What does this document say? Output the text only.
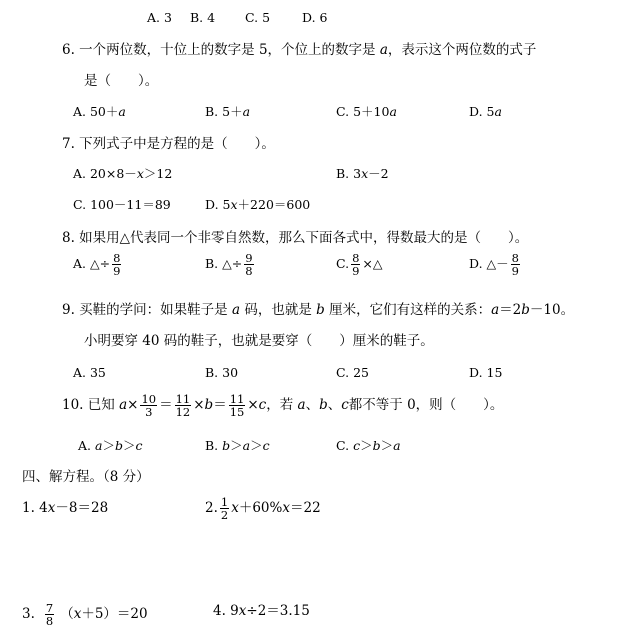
A. 3 B. 4 C. 5	D. 6
6. 一个两位数，十位上的数字是 5，个位上的数字是 a，表示这个两位数的式子
是（　　）。
A. 50＋a	B. 5＋a	C. 5＋10a	D. 5a
7. 下列式子中是方程的是（　　）。
A. 20×8－x＞12	B. 3x－2
C. 100－11＝89	D. 5x＋220＝600
8. 如果用△代表同一个非零自然数，那么下面各式中，得数最大的是（　　）。
A. △÷ $\frac{8}{9}$	B. △÷ $\frac{9}{8}$	C. $\frac{8}{9}$ ×△	D. △－ $\frac{8}{9}$
9. 买鞋的学问：如果鞋子是 a 码，也就是 b 厘米，它们有这样的关系：a＝2b－10。
小明要穿 40 码的鞋子，也就是要穿（　　）厘米的鞋子。
A. 35	B. 30	C. 25	D. 15
10. 已知 $a\times \frac{10}{3} = \frac{11}{12} \times b= \frac{11}{15} \times c$，若 a、b、c都不等于 0，则（　　）。
A. a＞b＞c	B. b＞a＞c	C. c＞b＞a
四、解方程。（8 分）
1. 4x－8＝28	2. $\frac{1}{2} x+60\%x=22$
3. $\frac{7}{8} (x+5)=20$	4. 9x÷2＝3.15
